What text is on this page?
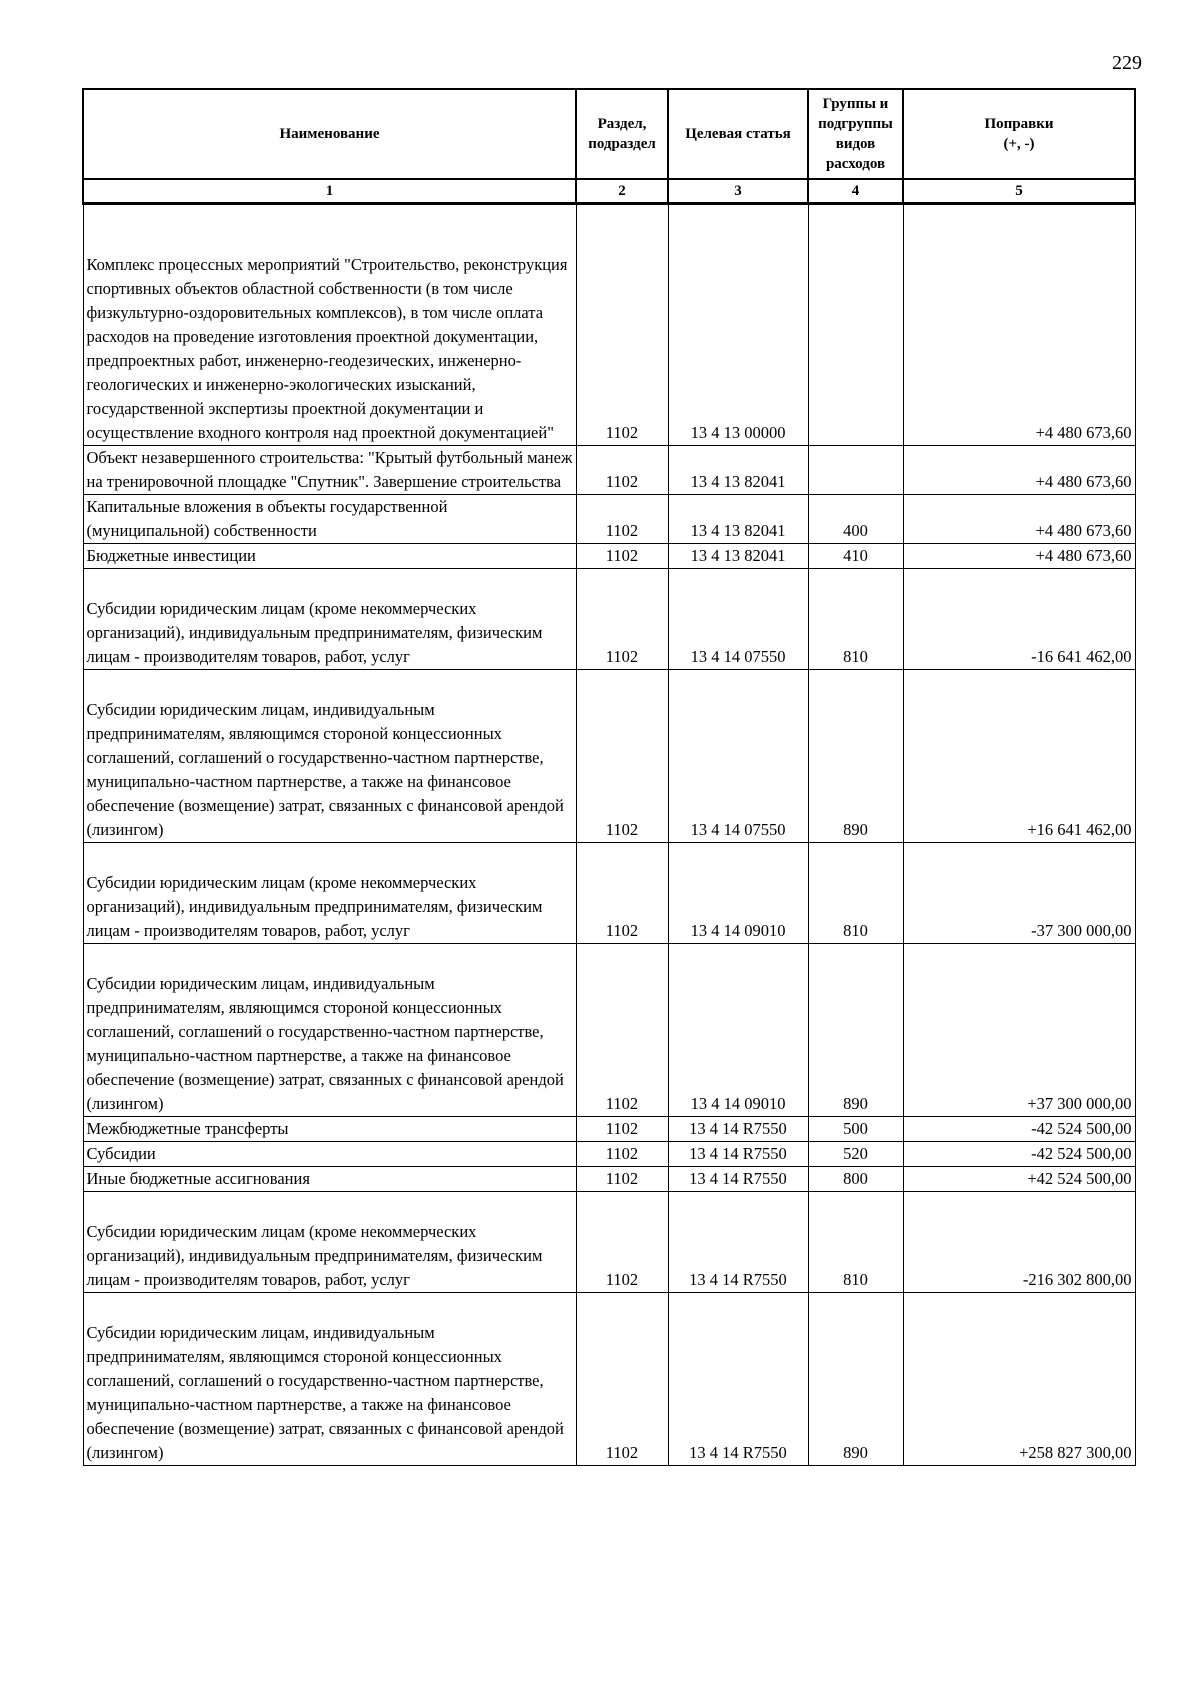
229
Наименование	Раздел, подраздел	Целевая статья	Группы и подгруппы видов расходов	Поправки
(+, -)

1	2	3	4	5

Комплекс процессных мероприятий "Строительство, реконструкция спортивных объектов областной собственности (в том числе физкультурно-оздоровительных комплексов), в том числе оплата расходов на проведение изготовления проектной документации, предпроектных работ, инженерно-геодезических, инженерно-геологических и инженерно-экологических изысканий, государственной экспертизы проектной документации и осуществление входного контроля над проектной документацией"	1102	13 4 13 00000		+4 480 673,60
Объект незавершенного строительства: "Крытый футбольный манеж на тренировочной площадке "Спутник". Завершение строительства	1102	13 4 13 82041		+4 480 673,60
Капитальные вложения в объекты государственной (муниципальной) собственности	1102	13 4 13 82041	400	+4 480 673,60
Бюджетные инвестиции	1102	13 4 13 82041	410	+4 480 673,60
Субсидии юридическим лицам (кроме некоммерческих организаций), индивидуальным предпринимателям, физическим лицам - производителям товаров, работ, услуг	1102	13 4 14 07550	810	-16 641 462,00
Субсидии юридическим лицам, индивидуальным предпринимателям, являющимся стороной концессионных соглашений, соглашений о государственно-частном партнерстве, муниципально-частном партнерстве, а также на финансовое обеспечение (возмещение) затрат, связанных с финансовой арендой (лизингом)	1102	13 4 14 07550	890	+16 641 462,00
Субсидии юридическим лицам (кроме некоммерческих организаций), индивидуальным предпринимателям, физическим лицам - производителям товаров, работ, услуг	1102	13 4 14 09010	810	-37 300 000,00
Субсидии юридическим лицам, индивидуальным предпринимателям, являющимся стороной концессионных соглашений, соглашений о государственно-частном партнерстве, муниципально-частном партнерстве, а также на финансовое обеспечение (возмещение) затрат, связанных с финансовой арендой (лизингом)	1102	13 4 14 09010	890	+37 300 000,00
Межбюджетные трансферты	1102	13 4 14 R7550	500	-42 524 500,00
Субсидии	1102	13 4 14 R7550	520	-42 524 500,00
Иные бюджетные ассигнования	1102	13 4 14 R7550	800	+42 524 500,00
Субсидии юридическим лицам (кроме некоммерческих организаций), индивидуальным предпринимателям, физическим лицам - производителям товаров, работ, услуг	1102	13 4 14 R7550	810	-216 302 800,00
Субсидии юридическим лицам, индивидуальным предпринимателям, являющимся стороной концессионных соглашений, соглашений о государственно-частном партнерстве, муниципально-частном партнерстве, а также на финансовое обеспечение (возмещение) затрат, связанных с финансовой арендой (лизингом)	1102	13 4 14 R7550	890	+258 827 300,00
